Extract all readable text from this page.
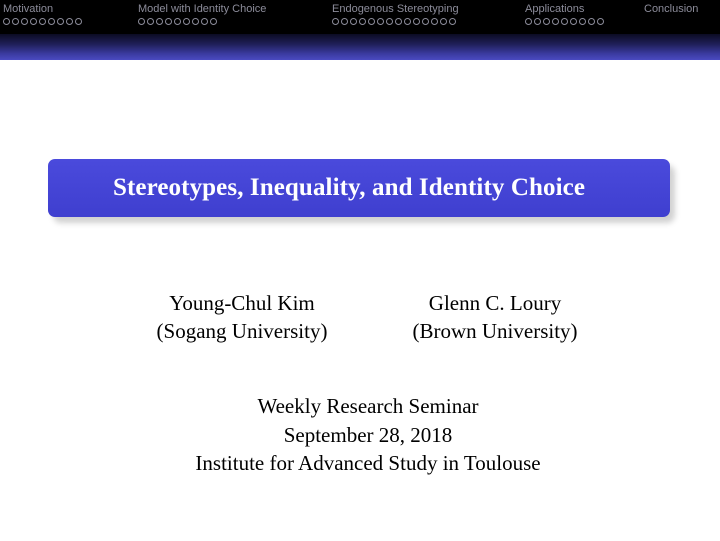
Motivation	Model with Identity Choice	Endogenous Stereotyping	Applications	Conclusion
Stereotypes, Inequality, and Identity Choice
Young-Chul Kim
(Sogang University)
Glenn C. Loury
(Brown University)
Weekly Research Seminar
September 28, 2018
Institute for Advanced Study in Toulouse
